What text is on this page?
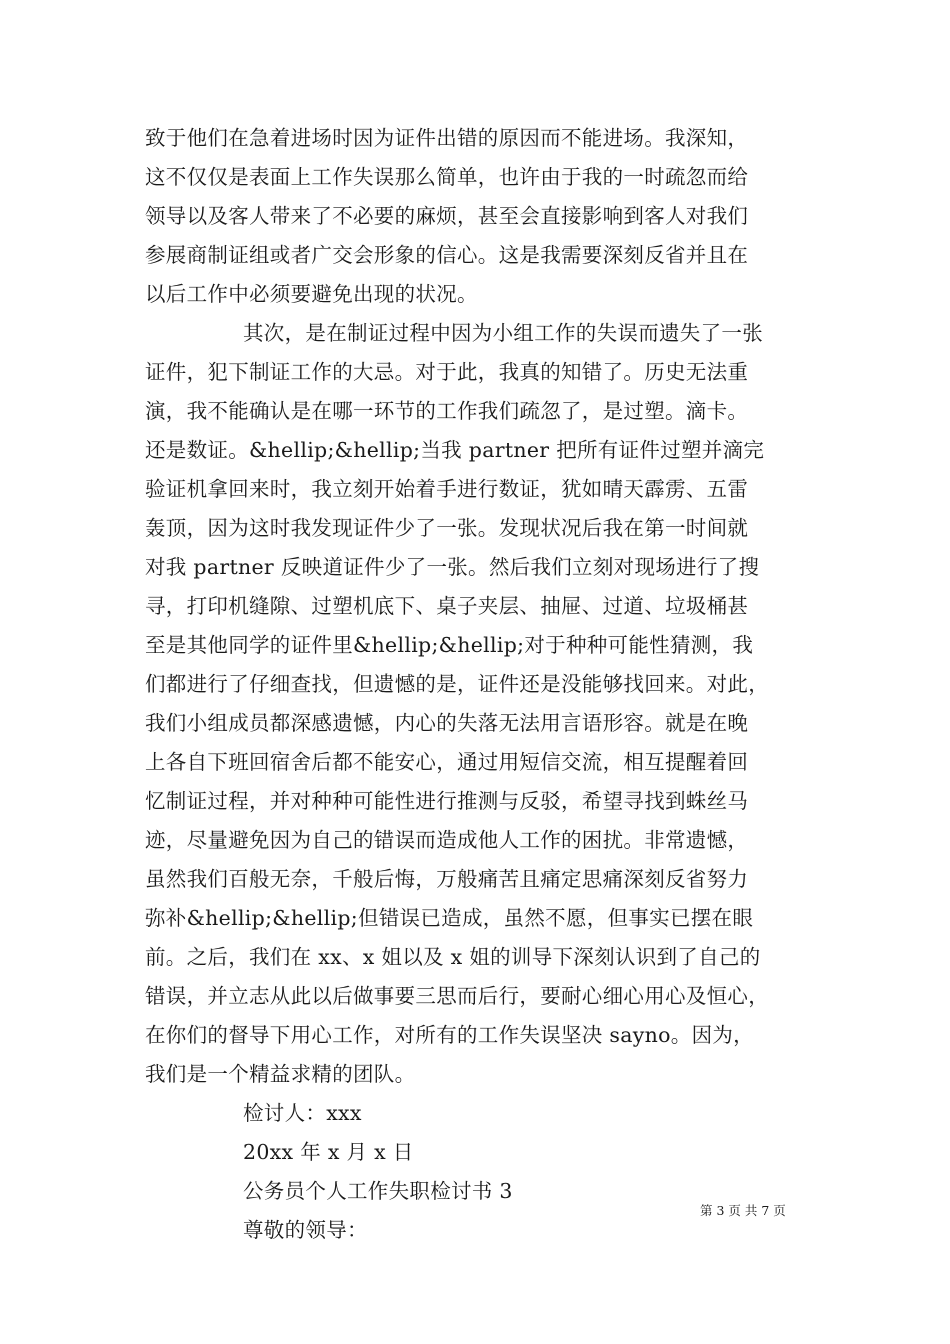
致于他们在急着进场时因为证件出错的原因而不能进场。我深知，
这不仅仅是表面上工作失误那么简单，也许由于我的一时疏忽而给
领导以及客人带来了不必要的麻烦，甚至会直接影响到客人对我们
参展商制证组或者广交会形象的信心。这是我需要深刻反省并且在
以后工作中必须要避免出现的状况。
其次，是在制证过程中因为小组工作的失误而遗失了一张
证件，犯下制证工作的大忌。对于此，我真的知错了。历史无法重
演，我不能确认是在哪一环节的工作我们疏忽了，是过塑。滴卡。
还是数证。&hellip;&hellip;当我 partner 把所有证件过塑并滴完
验证机拿回来时，我立刻开始着手进行数证，犹如晴天霹雳、五雷
轰顶，因为这时我发现证件少了一张。发现状况后我在第一时间就
对我 partner 反映道证件少了一张。然后我们立刻对现场进行了搜
寻，打印机缝隙、过塑机底下、桌子夹层、抽屉、过道、垃圾桶甚
至是其他同学的证件里&hellip;&hellip;对于种种可能性猜测，我
们都进行了仔细查找，但遗憾的是，证件还是没能够找回来。对此，
我们小组成员都深感遗憾，内心的失落无法用言语形容。就是在晚
上各自下班回宿舍后都不能安心，通过用短信交流，相互提醒着回
忆制证过程，并对种种可能性进行推测与反驳，希望寻找到蛛丝马
迹，尽量避免因为自己的错误而造成他人工作的困扰。非常遗憾，
虽然我们百般无奈，千般后悔，万般痛苦且痛定思痛深刻反省努力
弥补&hellip;&hellip;但错误已造成，虽然不愿，但事实已摆在眼
前。之后，我们在 xx、x 姐以及 x 姐的训导下深刻认识到了自己的
错误，并立志从此以后做事要三思而后行，要耐心细心用心及恒心，
在你们的督导下用心工作，对所有的工作失误坚决 sayno。因为，
我们是一个精益求精的团队。
检讨人：xxx
20xx 年 x 月 x 日
公务员个人工作失职检讨书 3
尊敬的领导：
第 3 页 共 7 页
